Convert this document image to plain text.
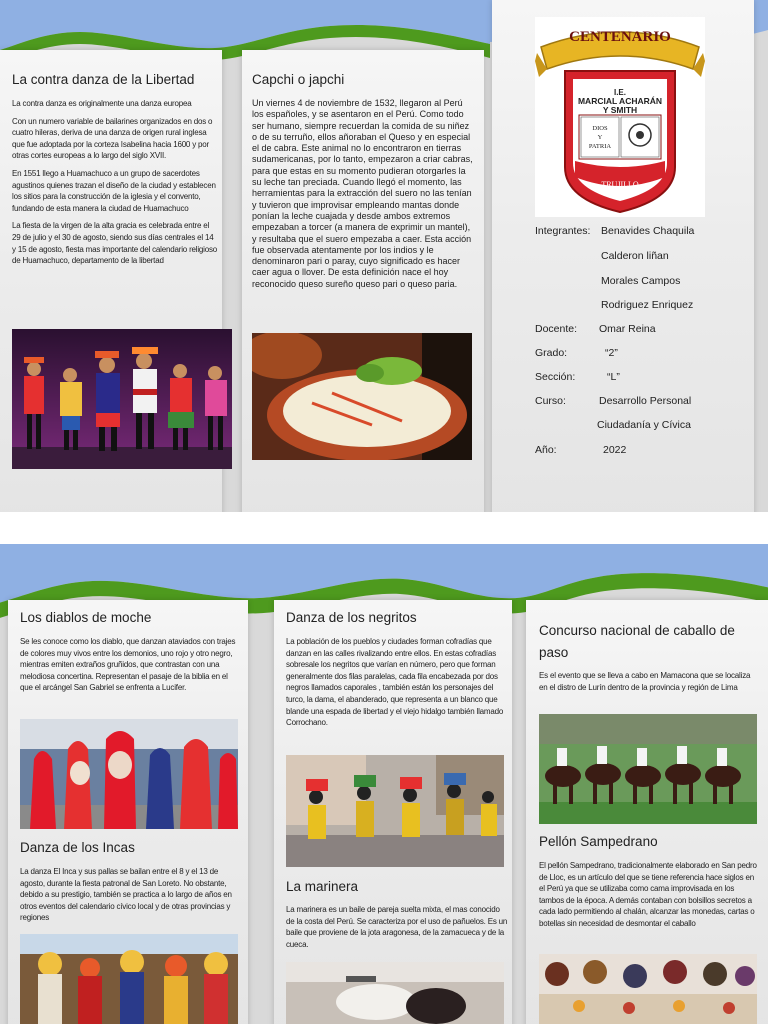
La contra danza de la Libertad

La contra danza es originalmente una danza europea

Con un numero variable de bailarines organizados en dos o cuatro hileras, deriva de una danza de origen rural inglesa que fue adoptada por la corteza Isabelina hacia 1600 y por otras cortes europeas a lo largo del siglo XVII.

En 1551 llego a Huamachuco a un grupo de sacerdotes agustinos quienes trazan el diseño de la ciudad y establecen los sitios para la construcción de la iglesia y el convento, fundando de esta manera la ciudad de Huamachuco

La fiesta de la virgen de la alta gracia es celebrada entre el 29 de julio y el 30 de agosto, siendo sus días centrales el 14 y 15 de agosto, fiesta mas importante del calendario religioso de Huamachuco, departamento de la libertad

Capchi o japchi

Un viernes 4 de noviembre de 1532, llegaron al Perú los españoles, y se asentaron en el Perú. Como todo ser humano, siempre recuerdan la comida de su niñez o de su terruño, ellos añoraban el Queso y en especial el de cabra. Este animal no lo encontraron en tierras sudamericanas, por lo tanto, empezaron a criar cabras, para que estas en su momento pudieran otorgarles la su leche tan preciada. Cuando llegó el momento, las herramientas para la extracción del suero no las tenían y tuvieron que improvisar empleando mantas donde ponían la leche cuajada y desde ambos extremos empezaban a torcer (a manera de exprimir un mantel), y resultaba que el suero empezaba a caer. Esta acción fue observada atentamente por los indios y le denominaron pari o paray, cuyo significado es hacer caer agua o llover. De esta definición nace el hoy reconocido queso sureño queso pari o queso paria.

CENTENARIO
I.E.
MARCIAL ACHARÁN
Y SMITH
DIOS
Y
PATRIA
TRUJILLO
Integrantes: Benavides Chaquila
Calderon liñan
Morales Campos
Rodriguez Enriquez
Docente: Omar Reina
Grado:	“2”
Sección:	“L”
Curso:	Desarrollo Personal
Ciudadanía y Cívica
Año:	2022
Los diablos de moche
Se les conoce como los diablo, que danzan ataviados con trajes de colores muy vivos entre los demonios, uno rojo y otro negro, mientras emiten extraños gruñidos, que contrastan con una melodiosa concertina. Representan el pasaje de la biblia en el que el arcángel San Gabriel se enfrenta a Lucifer.
Danza de los Incas
La danza El Inca y sus pallas se bailan entre el 8 y el 13 de agosto, durante la fiesta patronal de San Loreto. No obstante, debido a su prestigio, también se practica a lo largo de años en otros eventos del calendario cívico local y de otras provincias y regiones
Danza de los negritos
La población de los pueblos y ciudades forman cofradías que danzan en las calles rivalizando entre ellos. En estas cofradías sobresale los negritos que varían en número, pero que forman generalmente dos filas paralelas, cada fila encabezada por dos negros llamados caporales , también están los personajes del turco, la dama, el abanderado, que representa a un blanco que blande una espada de libertad y el viejo hidalgo también llamado Corrochano.
La marinera
La marinera es un baile de pareja suelta mixta, el mas conocido de la costa del Perú. Se caracteriza por el uso de pañuelos. Es un baile que proviene de la jota aragonesa, de la zamacueca y de la cueca.
Concurso nacional de caballo de paso
Es el evento que se lleva a cabo en Mamacona que se localiza en el distro de Lurín dentro de la provincia y región de Lima
Pellón Sampedrano
El pellón Sampedrano, tradicionalmente elaborado en San pedro de Lloc, es un artículo del que se tiene referencia hace siglos en el Perú ya que se utilizaba como cama improvisada en los tambos de la época. A demás contaban con bolsillos secretos a cada lado permitiendo al chalán, alcanzar las monedas, cartas o botellas sin necesidad de desmontar el caballo
